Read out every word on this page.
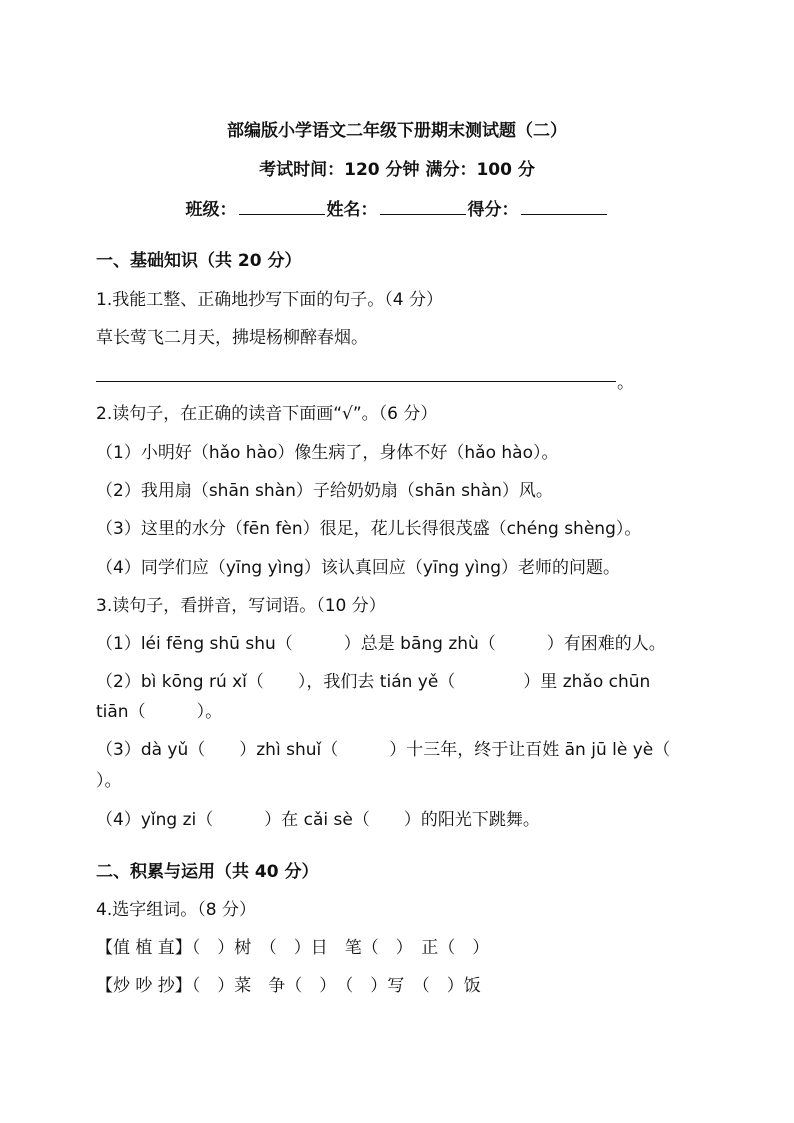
部编版小学语文二年级下册期末测试题（二）
考试时间：120 分钟 满分：100 分
班级：	姓名：	得分：
一、基础知识（共 20 分）
1.我能工整、正确地抄写下面的句子。（4 分）
草长莺飞二月天，拂堤杨柳醉春烟。
。
2.读句子，在正确的读音下面画“√”。（6 分）
（1）小明好（hǎo hào）像生病了，身体不好（hǎo hào）。
（2）我用扇（shān shàn）子给奶奶扇（shān shàn）风。
（3）这里的水分（fēn fèn）很足，花儿长得很茂盛（chéng shèng）。
（4）同学们应（yīng yìng）该认真回应（yīng yìng）老师的问题。
3.读句子，看拼音，写词语。（10 分）
（1）léi fēng shū shu（　　　）总是 bāng zhù（　　　）有困难的人。
（2）bì kōng rú xǐ（　　），我们去 tián yě（　　　　）里 zhǎo chūn
tiān（　　　）。
（3）dà yǔ（　　）zhì shuǐ（　　　）十三年，终于让百姓 ān jū lè yè（
）。
（4）yǐng zi（　　　）在 cǎi sè（　　）的阳光下跳舞。
二、积累与运用（共 40 分）
4.选字组词。（8 分）
【值 植 直】（　）树　（　）日　笔（　）　正（　）
【炒 吵 抄】（　）菜　争（　）　（　）写　（　）饭
